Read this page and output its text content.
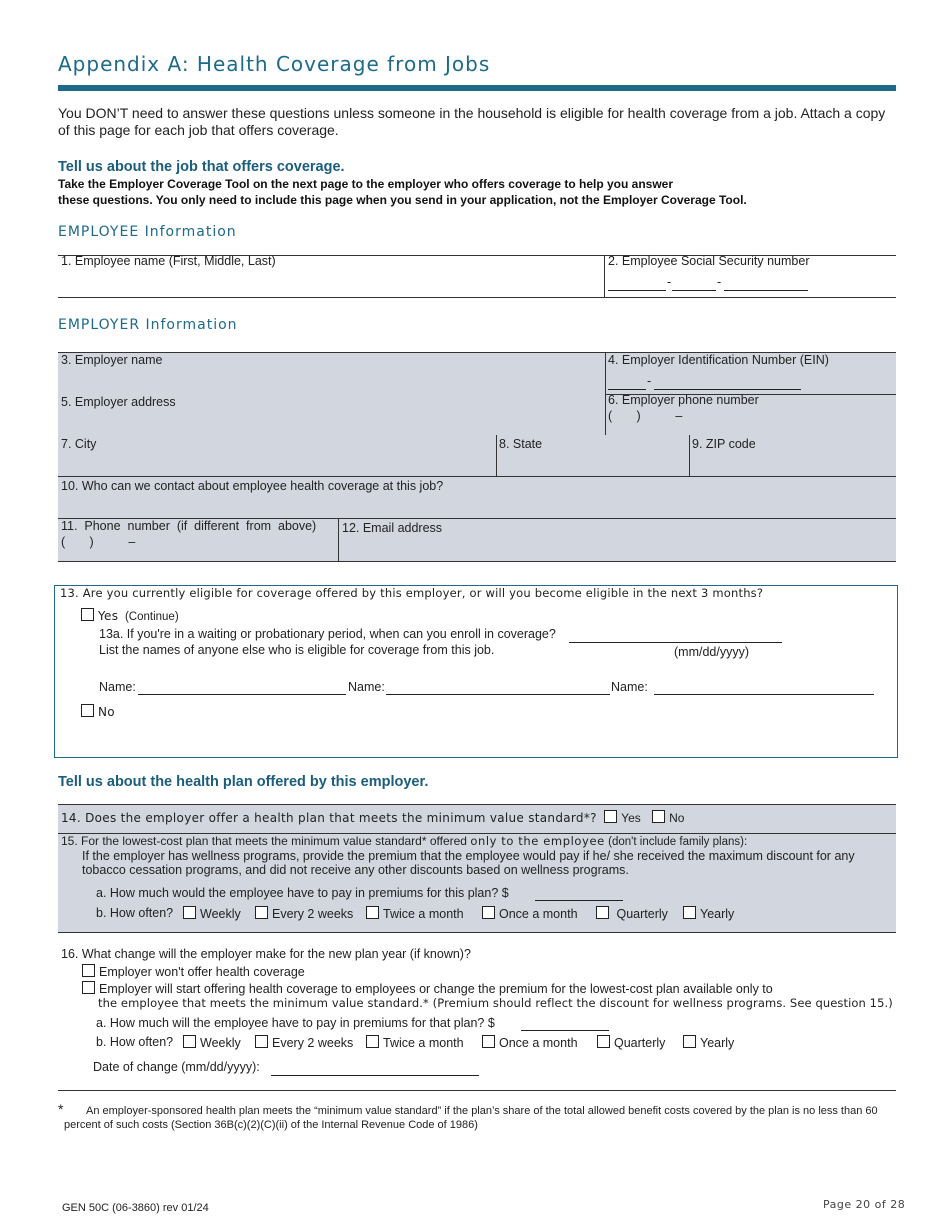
Appendix A: Health Coverage from Jobs
You DON’T need to answer these questions unless someone in the household is eligible for health coverage from a job. Attach a copy of this page for each job that offers coverage.
Tell us about the job that offers coverage.
Take the Employer Coverage Tool on the next page to the employer who offers coverage to help you answer
these questions. You only need to include this page when you send in your application, not the Employer Coverage Tool.
EMPLOYEE Information
1. Employee name (First, Middle, Last)	2. Employee Social Security number
-	-
EMPLOYER Information
3. Employer name	4. Employer Identification Number (EIN)
-
5. Employer address	6. Employer phone number
(       )          –
7. City	8. State	9. ZIP code
10. Who can we contact about employee health coverage at this job?
11.  Phone  number  (if  different  from  above)
(       )          –
12. Email address
13. Are you currently eligible for coverage offered by this employer, or will you become eligible in the next 3 months?
Yes (Continue)
13a. If you're in a waiting or probationary period, when can you enroll in coverage?
List the names of anyone else who is eligible for coverage from this job.	(mm/dd/yyyy)
Name:	Name:	Name:
No
Tell us about the health plan offered by this employer.
14. Does the employer offer a health plan that meets the minimum value standard*? Yes No
15. For the lowest-cost plan that meets the minimum value standard* offered only to the employee (don't include family plans):
If the employer has wellness programs, provide the premium that the employee would pay if he/ she received the maximum discount for any tobacco cessation programs, and did not receive any other discounts based on wellness programs.
a. How much would the employee have to pay in premiums for this plan? $
b. How often?	Weekly	Every 2 weeks	Twice a month	Once a month	Quarterly	Yearly
16. What change will the employer make for the new plan year (if known)?
Employer won't offer health coverage
Employer will start offering health coverage to employees or change the premium for the lowest-cost plan available only to
the employee that meets the minimum value standard.* (Premium should reflect the discount for wellness programs. See question 15.)
a. How much will the employee have to pay in premiums for that plan? $
b. How often?	Weekly	Every 2 weeks	Twice a month	Once a month	Quarterly	Yearly
Date of change (mm/dd/yyyy):
*	An employer-sponsored health plan meets the “minimum value standard” if the plan’s share of the total allowed benefit costs covered by the plan is no less than 60 percent of such costs (Section 36B(c)(2)(C)(ii) of the Internal Revenue Code of 1986)
Page 20 of 28
GEN 50C (06-3860) rev 01/24
